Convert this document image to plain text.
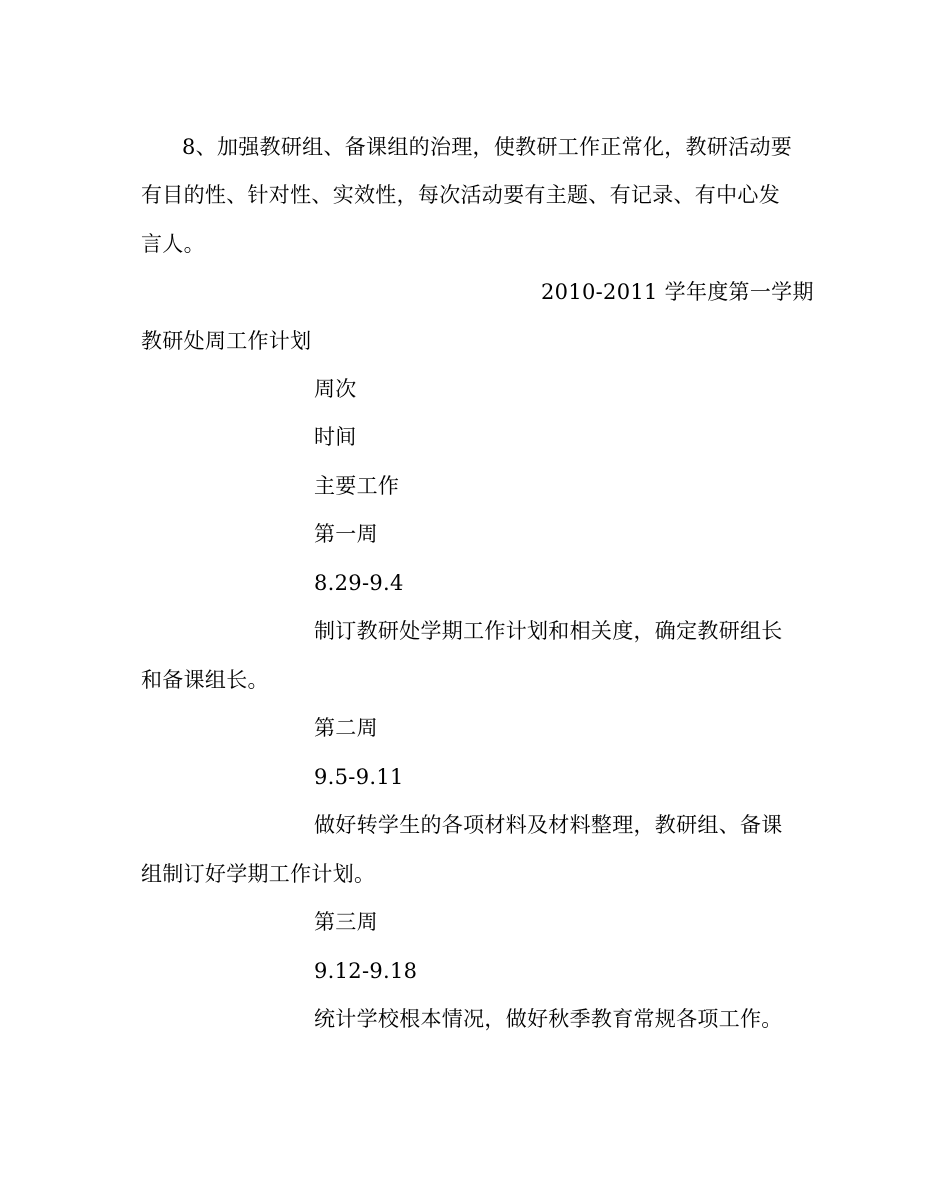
8、加强教研组、备课组的治理，使教研工作正常化，教研活动要
有目的性、针对性、实效性，每次活动要有主题、有记录、有中心发
言人。
2010-2011 学年度第一学期
教研处周工作计划
周次
时间
主要工作
第一周
8.29-9.4
制订教研处学期工作计划和相关度，确定教研组长
和备课组长。
第二周
9.5-9.11
做好转学生的各项材料及材料整理，教研组、备课
组制订好学期工作计划。
第三周
9.12-9.18
统计学校根本情况，做好秋季教育常规各项工作。
